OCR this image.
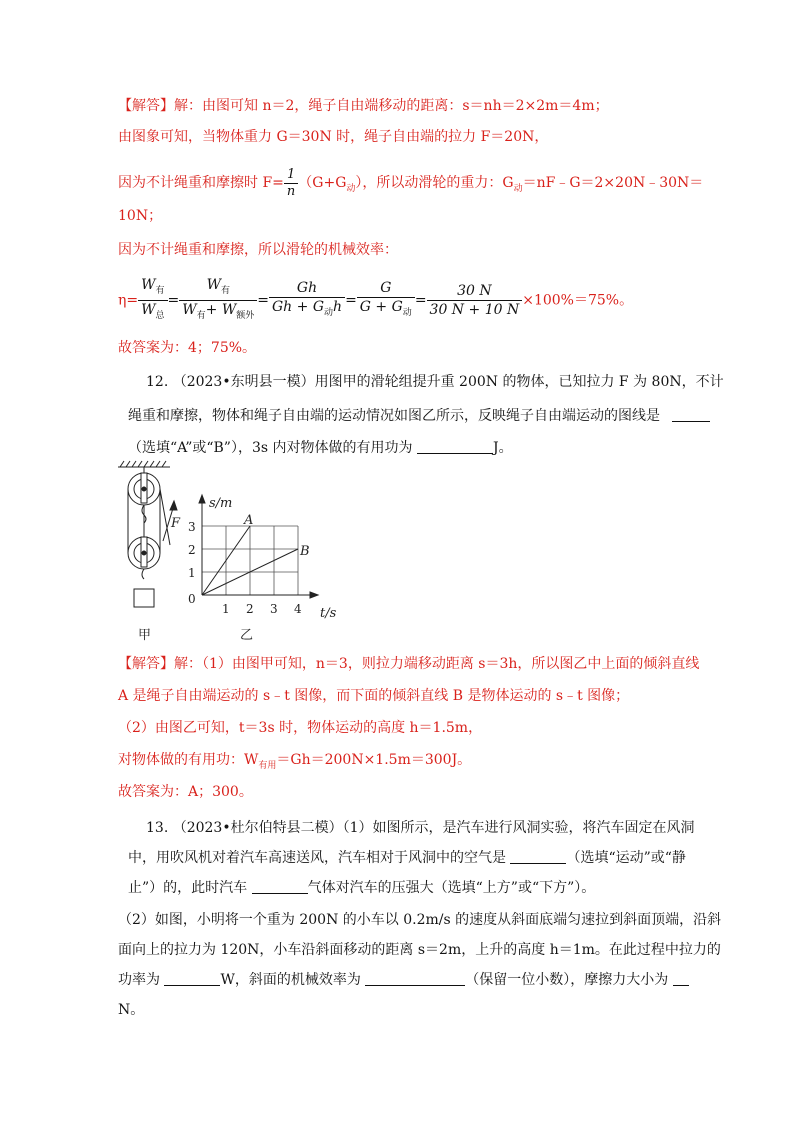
【解答】解：由图可知 n＝2，绳子自由端移动的距离：s＝nh＝2×2m＝4m；
由图象可知，当物体重力 G＝30N 时，绳子自由端的拉力 F＝20N，
因为不计绳重和摩擦时 $F= \frac{1}{n} (G+G_动)$，所以动滑轮的重力：$G_动=nF﹣G=2\times 20N﹣30N=$
10N；
因为不计绳重和摩擦，所以滑轮的机械效率：
$\eta= \frac{W_有}{W_总} = \frac{W_有}{W_有+ W_{额外}} = \frac{Gh}{Gh + G_动h} = \frac{G}{G + G_动} = \frac{30 N}{30 N + 10 N} \times 100\%=75\%$。
故答案为：4；75%。
12. （2023•东明县一模）用图甲的滑轮组提升重 200N 的物体，已知拉力 F 为 80N，不计
绳重和摩擦，物体和绳子自由端的运动情况如图乙所示，反映绳子自由端运动的图线是
（选填“A”或“B”），3s 内对物体做的有用功为	J。
F
甲
s/m
t/s
0
3
2
1
1 2 3 4
A
B
乙
【解答】解：（1）由图甲可知，n＝3，则拉力端移动距离 s＝3h，所以图乙中上面的倾斜直线
A 是绳子自由端运动的 s﹣t 图像，而下面的倾斜直线 B 是物体运动的 s﹣t 图像；
（2）由图乙可知，t＝3s 时，物体运动的高度 h＝1.5m，
对物体做的有用功：$W_{有用}=Gh=200N\times 1.5m=300J$。
故答案为：A；300。
13. （2023•杜尔伯特县二模）（1）如图所示，是汽车进行风洞实验，将汽车固定在风洞
中，用吹风机对着汽车高速送风，汽车相对于风洞中的空气是	（选填“运动”或“静
止”）的，此时汽车	气体对汽车的压强大（选填“上方”或“下方”）。
（2）如图，小明将一个重为 200N 的小车以 0.2m/s 的速度从斜面底端匀速拉到斜面顶端，沿斜
面向上的拉力为 120N，小车沿斜面移动的距离 s＝2m，上升的高度 h＝1m。在此过程中拉力的
功率为	W，斜面的机械效率为	（保留一位小数），摩擦力大小为
N。
